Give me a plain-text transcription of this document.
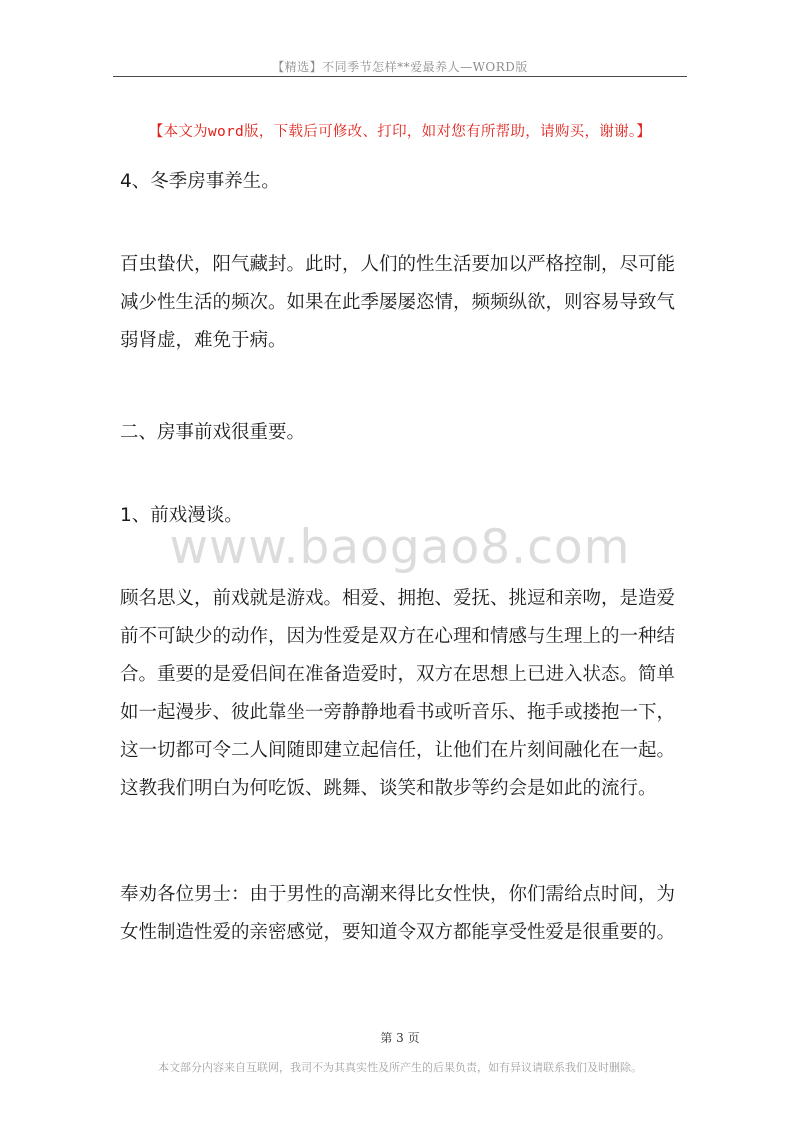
【精选】不同季节怎样**爱最养人—WORD版
【本文为word版，下载后可修改、打印，如对您有所帮助，请购买，谢谢。】
4、冬季房事养生。
百虫蛰伏，阳气藏封。此时，人们的性生活要加以严格控制，尽可能
减少性生活的频次。如果在此季屡屡恣情，频频纵欲，则容易导致气
弱肾虚，难免于病。
二、房事前戏很重要。
1、前戏漫谈。
www.baogao8.com
顾名思义，前戏就是游戏。相爱、拥抱、爱抚、挑逗和亲吻，是造爱
前不可缺少的动作，因为性爱是双方在心理和情感与生理上的一种结
合。重要的是爱侣间在准备造爱时，双方在思想上已进入状态。简单
如一起漫步、彼此靠坐一旁静静地看书或听音乐、拖手或搂抱一下，
这一切都可令二人间随即建立起信任，让他们在片刻间融化在一起。
这教我们明白为何吃饭、跳舞、谈笑和散步等约会是如此的流行。
奉劝各位男士：由于男性的高潮来得比女性快，你们需给点时间，为
女性制造性爱的亲密感觉，要知道令双方都能享受性爱是很重要的。
第 3 页
本文部分内容来自互联网，我司不为其真实性及所产生的后果负责，如有异议请联系我们及时删除。
